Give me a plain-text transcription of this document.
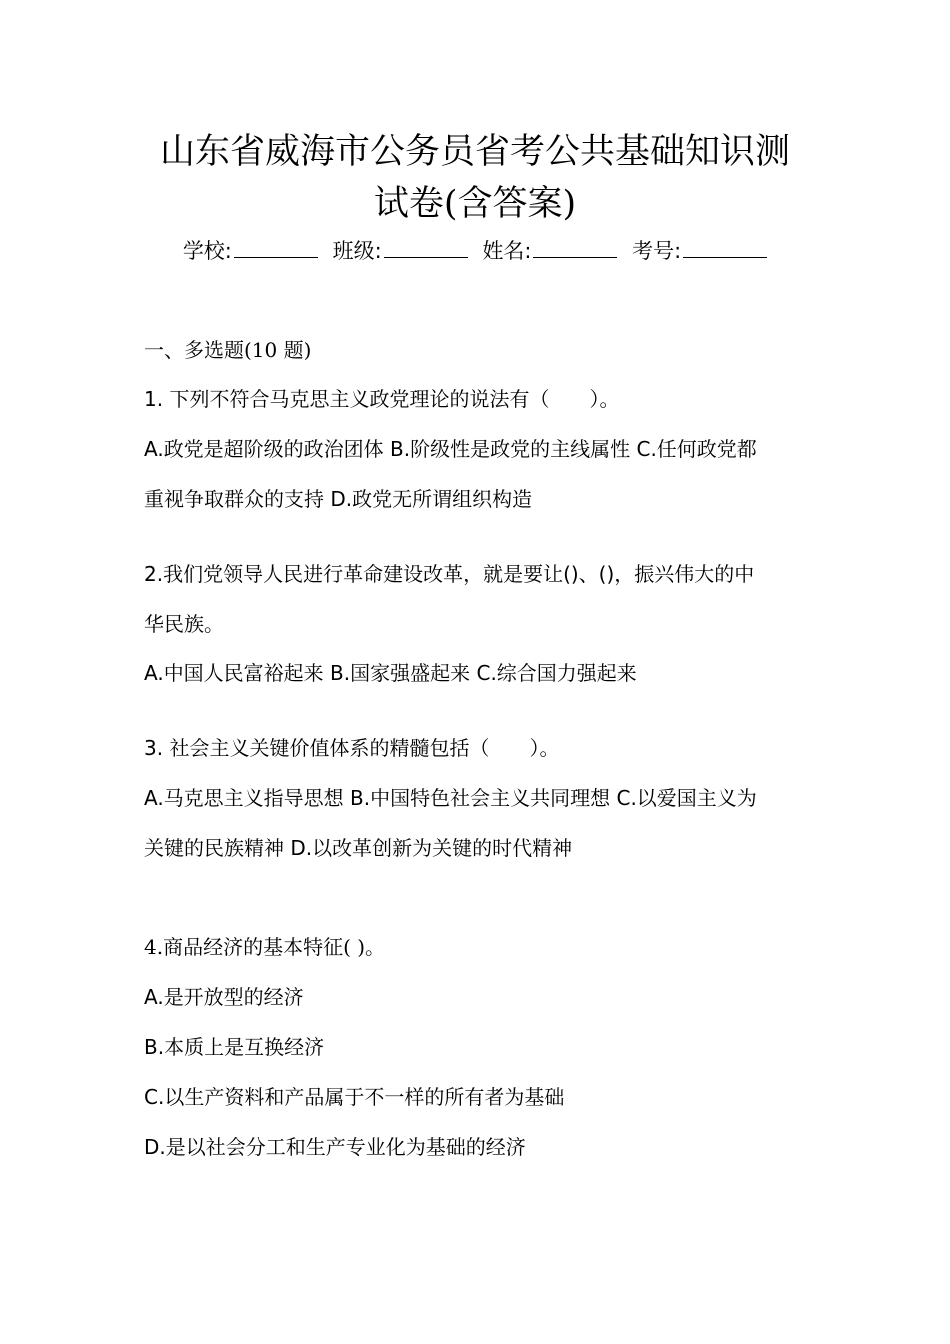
山东省威海市公务员省考公共基础知识测
试卷(含答案)
学校:	班级:	姓名:	考号:
一、多选题(10 题)
1. 下列不符合马克思主义政党理论的说法有（　　）。
A.政党是超阶级的政治团体 B.阶级性是政党的主线属性 C.任何政党都
重视争取群众的支持 D.政党无所谓组织构造
2.我们党领导人民进行革命建设改革，就是要让()、()，振兴伟大的中
华民族。
A.中国人民富裕起来 B.国家强盛起来 C.综合国力强起来
3. 社会主义关键价值体系的精髓包括（　　）。
A.马克思主义指导思想 B.中国特色社会主义共同理想 C.以爱国主义为
关键的民族精神 D.以改革创新为关键的时代精神
4.商品经济的基本特征( )。
A.是开放型的经济
B.本质上是互换经济
C.以生产资料和产品属于不一样的所有者为基础
D.是以社会分工和生产专业化为基础的经济
